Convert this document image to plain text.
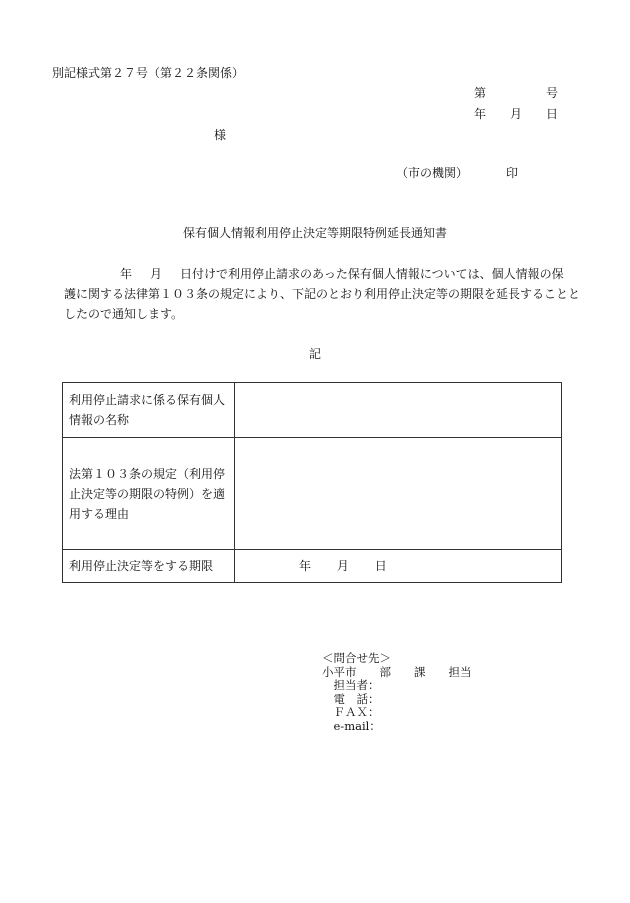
別記様式第２７号（第２２条関係）
第	号
年 月 日
様
（市の機関）	印
保有個人情報利用停止決定等期限特例延長通知書
年 月 日付けで利用停止請求のあった保有個人情報については、個人情報の保
護に関する法律第１０３条の規定により、下記のとおり利用停止決定等の期限を延長することと
したので通知します。
記
利用停止請求に係る保有個人情報の名称	
法第１０３条の規定（利用停止決定等の期限の特例）を適用する理由	
利用停止決定等をする期限	年 月 日
＜問合せ先＞
小平市　　部　　課　　担当
　担当者：
　電　話：
　ＦＡＸ：
　e-mail：
